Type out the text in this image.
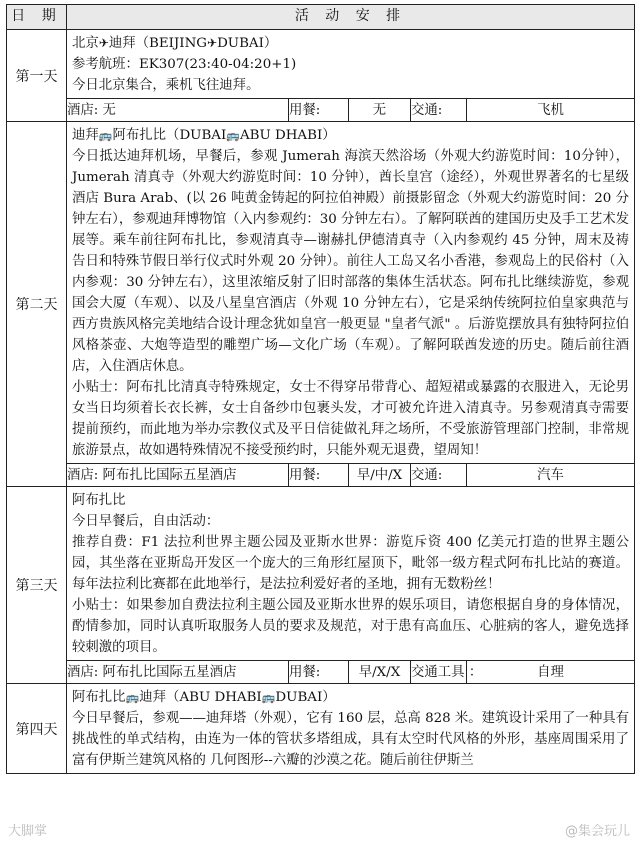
日 期	活 动 安 排				
第一天	北京✈迪拜（BEIJING✈DUBAI）

参考航班：EK307(23:40-04:20+1)

今日北京集合，乘机飞往迪拜。				

	酒店: 无	用餐:	无	交通:	飞机
第二天	迪拜🚌阿布扎比（DUBAI🚌ABU DHABI）

今日抵达迪拜机场，早餐后，参观 Jumerah 海滨天然浴场（外观大约游览时间：10分钟），Jumerah 清真寺（外观大约游览时间：10 分钟），酋长皇宫（途经），外观世界著名的七星级酒店 Bura Arab、(以 26 吨黄金铸起的阿拉伯神殿）前摄影留念（外观大约游览时间：20 分钟左右），参观迪拜博物馆（入内参观约：30 分钟左右）。了解阿联酋的建国历史及手工艺术发展等。乘车前往阿布扎比，参观清真寺—谢赫扎伊德清真寺（入内参观约 45 分钟，周末及祷告日和特殊节假日举行仪式时外观 20 分钟）。前往人工岛又名小香港，参观岛上的民俗村（入内参观：30 分钟左右），这里浓缩反射了旧时部落的集体生活状态。阿布扎比继续游览，参观国会大厦（车观）、以及八星皇宫酒店（外观 10 分钟左右），它是采纳传统阿拉伯皇家典范与西方贵族风格完美地结合设计理念犹如皇宫一般更显 "皇者气派" 。后游览摆放具有独特阿拉伯风格茶壶、大炮等造型的雕塑广场—文化广场（车观）。了解阿联酋发迹的历史。随后前往酒店，入住酒店休息。

小贴士：阿布扎比清真寺特殊规定，女士不得穿吊带背心、超短裙或暴露的衣服进入，无论男女当日均须着长衣长裤，女士自备纱巾包裹头发，才可被允许进入清真寺。另参观清真寺需要提前预约，而此地为举办宗教仪式及平日信徒做礼拜之场所，不受旅游管理部门控制，非常规旅游景点，故如遇特殊情况不接受预约时，只能外观无退费，望周知！				

	酒店: 阿布扎比国际五星酒店	用餐:	早/中/X	交通:	汽车
第三天	阿布扎比

今日早餐后，自由活动：

推荐自费：F1 法拉利世界主题公园及亚斯水世界：游览斥资 400 亿美元打造的世界主题公园，其坐落在亚斯岛开发区一个庞大的三角形红屋顶下，毗邻一级方程式阿布扎比站的赛道。每年法拉利比赛都在此地举行，是法拉利爱好者的圣地，拥有无数粉丝！

小贴士：如果参加自费法拉利主题公园及亚斯水世界的娱乐项目，请您根据自身的身体情况，酌情参加，同时认真听取服务人员的要求及规范，对于患有高血压、心脏病的客人，避免选择较刺激的项目。				

	酒店: 阿布扎比国际五星酒店	用餐:	早/X/X	交通工具 ：	自理
第四天	阿布扎比🚌迪拜（ABU DHABI🚌DUBAI）

今日早餐后，参观——迪拜塔（外观），它有 160 层，总高 828 米。建筑设计采用了一种具有挑战性的单式结构，由连为一体的管状多塔组成，具有太空时代风格的外形，基座周围采用了富有伊斯兰建筑风格的 几何图形--六瓣的沙漠之花。随后前往伊斯兰				

大脚掌	@集会玩儿
